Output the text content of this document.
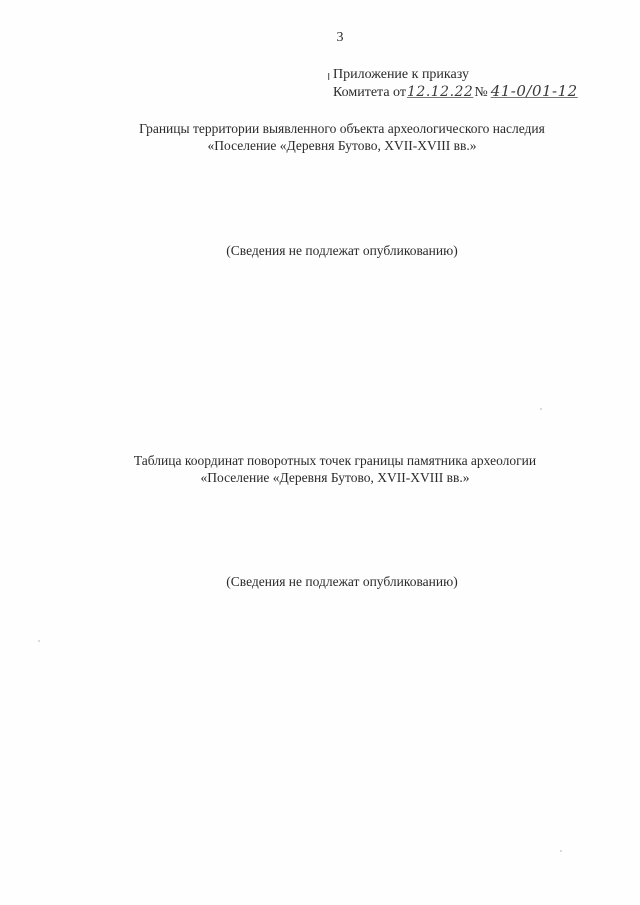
3
ı Приложение к приказу
Комитета от 12.12.22 № 41-0/01-12

Границы территории выявленного объекта археологического наследия

«Поселение «Деревня Бутово, XVII-XVIII вв.»

(Сведения не подлежат опубликованию)

Таблица координат поворотных точек границы памятника археологии

«Поселение «Деревня Бутово, XVII-XVIII вв.»

(Сведения не подлежат опубликованию)
